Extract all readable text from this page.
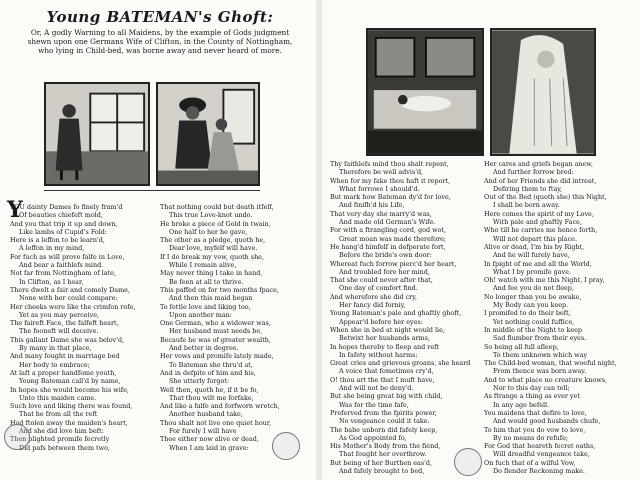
Young BATEMAN's Ghoft:
Or, A godly Warning to all Maidens, by the example of Gods judgment
shewn upon one Germans Wife of Clifton, in the County of Nottingham,
who lying in Child-bed, was borne away and never heard of more.
Y
YOU dainty Dames fo finely fram'd
Of beauties chiefeft mold,
And you that trip it up and down,
Like lambs of Cupid's Fold:
Here is a leffon to be learn'd,
A leffon in my mind,
For fuch as will prove falfe in Love,
And bear a faithlefs mind.
Not far from Nottingham of late,
In Clifton, as I hear,
There dwelt a fair and comely Dame,
None with her could compare:
Her cheeks were like the crimfon rofe,
Yet as you may perceive,
The faireft Face, the falfeft heart,
The fooneft will deceive.
This gallant Dame she was belov'd,
By many in that place,
And many fought in marriage bed
Her body to embrace;
At laft a proper handfome youth,
Young Bateman call'd by name,
In hopes she would become his wife,
Unto this maiden came.
Such love and liking there was found,
That he from all the reft
Had ftolen away the maiden's heart,
And she did love him beft:
Then plighted promife fecretly
Did pafs between them two,
That nothing could but death itfelf,
This true Love-knot undo.
He broke a piece of Gold in twain,
One half to her he gave,
The other as a pledge, quoth he,
Dear love, myfelf will have.
If I do break my vow, quoth she,
While I remain alive,
May never thing I take in hand,
Be feen at all to thrive.
This paffed on for two months fpace,
And then this maid began
To fettle love and liking too,
Upon another man:
One German, who a widower was,
Her husband must needs be,
Becaufe he was of greater wealth,
And better in degree.
Her vows and promife lately made,
To Bateman she thru'd at,
And in defpite of him and his,
She utterly forgot:
Well then, quoth he, if it be fo,
That thou wilt me forfake,
And like a falfe and forfworn wretch,
Another husband take,
Thou shalt not live one quiet hour,
For furely I will have
Thee either now alive or dead,
When I am laid in grave:
Thy faithlefs mind thou shalt repent,
Therefore be well advis'd,
When for my fake thou haft it report,
What forrowe I should'd.
But mark how Bateman dy'd for love,
And finifh'd his Life,
That very day she marry'd was,
And made old German's Wife.
For with a ftrangling cord, god wot,
Great moan was made therefore;
He hang'd himfelf in defperate fort,
Before the bride's own door:
Whereat fuch forrow pierc'd her heart,
And troubled fore her mind,
That she could never after that,
One day of comfort find.
And wherefore she did cry,
Her fancy did forniy,
Young Bateman's pale and ghaftly ghoft,
Appear'd before her eyes:
When she in bed at night would lie,
Betwixt her husbands arms,
In hopes thereby to fleep and reft
In fafety without harms:
Great cries and grievous groans, she heard
A voice that fometimes cry'd,
O! thou art the that I muft have,
And will not be deny'd.
But she being great big with child,
Was for the time fafe,
Preferved from the fpirits power,
No vengeance could it take.
The babe unborn did fafely keep,
As God appointed fo,
His Mother's Body from the fiend,
That fought her overthrow.
But being of her Burthen eas'd,
And fafely brought to bed,
Her cares and griefs began anew,
And further forrow bred:
And of her Friends she did intreat,
Defiring them to ftay,
Out of the Bed (quoth she) this Night,
I shall be born away.
Here comes the spirit of my Love,
With pale and ghaftly Face,
Who till he carries me hence forth,
Will not depart this place.
Alive or dead, I'm his by Right,
And he will furely have,
In fpight of me and all the World,
What I by promife gave.
Oh! watch with me this Night, I pray,
And fee you do not fleep,
No longer than you be awake,
My Body can you keep.
I promifed to do their beft,
Yet nothing could fuffice,
In middle of the Night to keep
Sad flumber from their eyes.
So being all full afleep,
To them unknown which way
The Child-bed woman, that woeful night,
From thence was born away.
And to what place no creature knows,
Nor to this day can tell;
As ftrange a thing as ever yet
In any age befell.
You maidens that defire to love,
And would good husbands chufe,
To him that you do vow to love,
By no means do refufe;
For God that heareth fecret oaths,
Will dreadful vengeance take,
On fuch that of a wilful Vow,
Do flender Reckoning make.
